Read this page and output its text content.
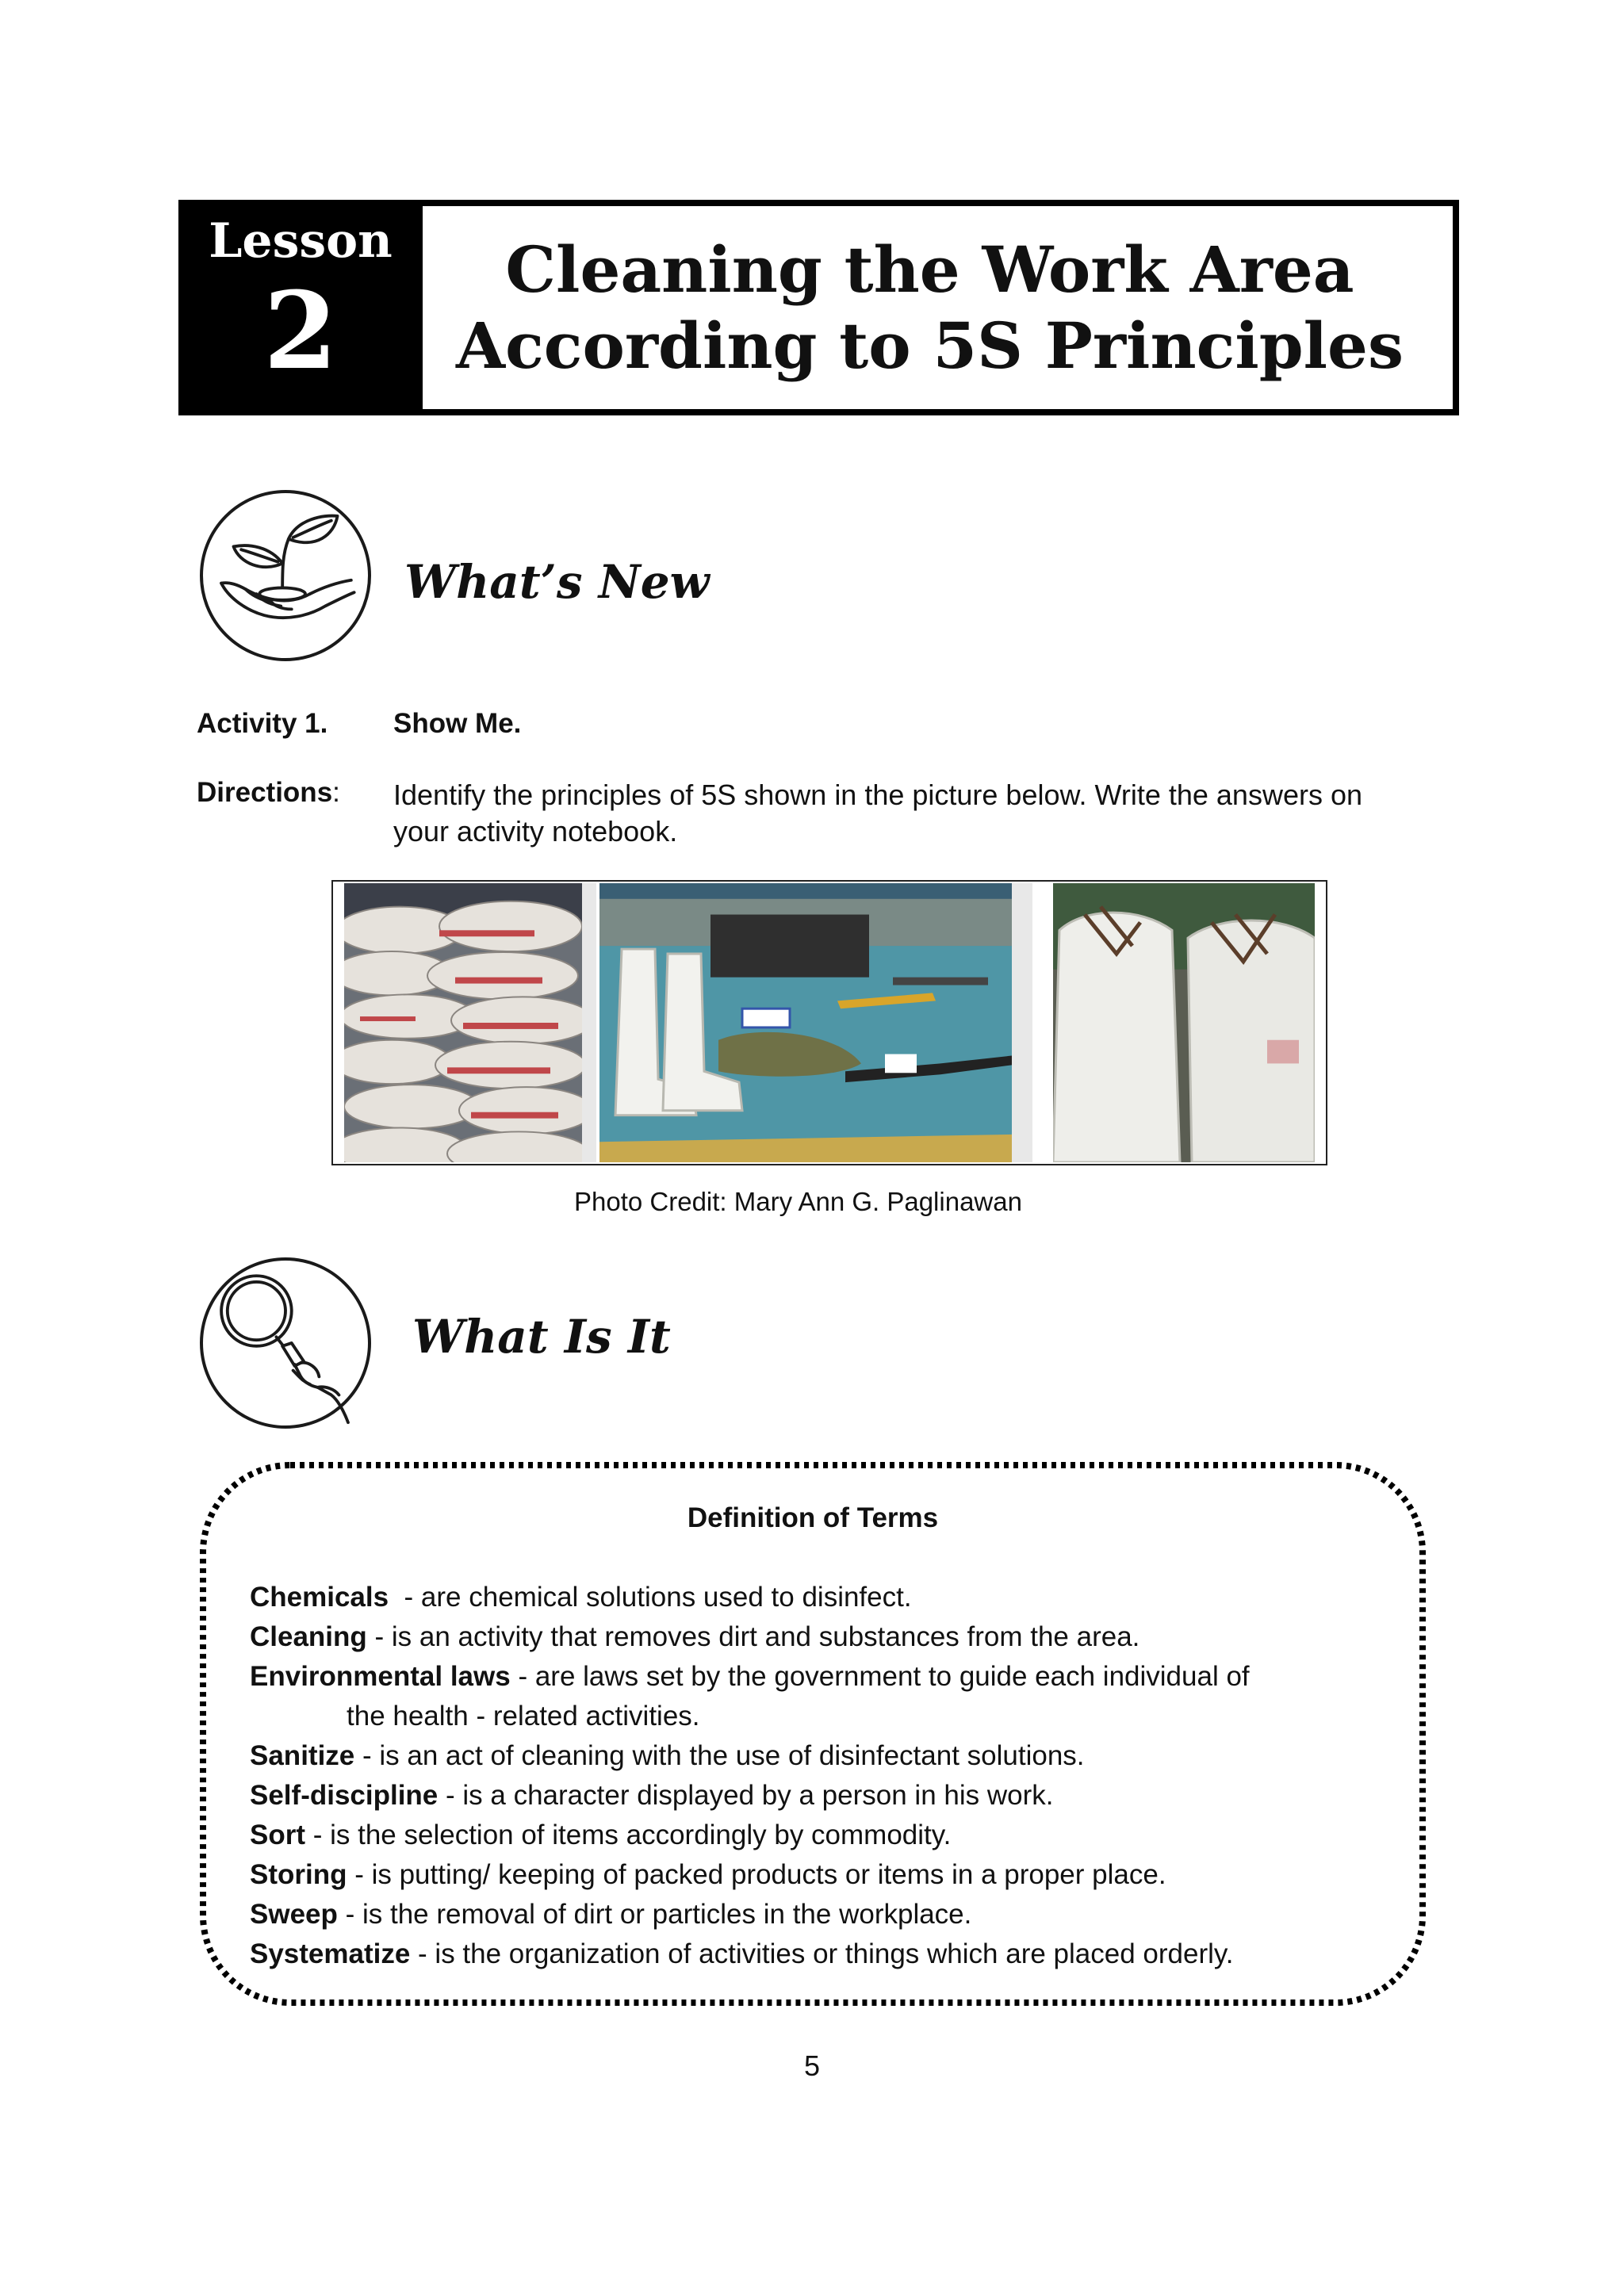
Lesson
2	Cleaning the Work Area
According to 5S Principles
What’s New
Activity 1. Show Me.
Directions: Identify the principles of 5S shown in the picture below. Write the answers on
your activity notebook.
Photo Credit: Mary Ann G. Paglinawan
What Is It
Definition of Terms
Chemicals  - are chemical solutions used to disinfect.
Cleaning - is an activity that removes dirt and substances from the area.
Environmental laws - are laws set by the government to guide each individual of
the health - related activities.
Sanitize - is an act of cleaning with the use of disinfectant solutions.
Self-discipline - is a character displayed by a person in his work.
Sort - is the selection of items accordingly by commodity.
Storing - is putting/ keeping of packed products or items in a proper place.
Sweep - is the removal of dirt or particles in the workplace.
Systematize - is the organization of activities or things which are placed orderly.
5
